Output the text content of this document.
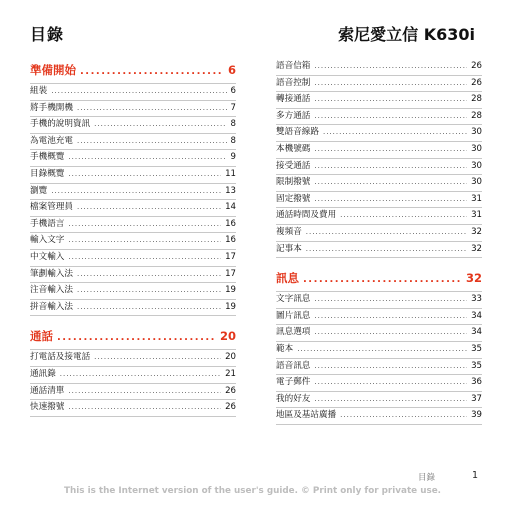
目錄	索尼愛立信 K630i
準備開始 .....	6
組裝 .....	6
將手機開機 .....	7
手機的說明資訊 .....	8
為電池充電 .....	8
手機概覽 .....	9
目錄概覽 .....	11
瀏覽 .....	13
檔案管理員 .....	14
手機語言 .....	16
輸入文字 .....	16
中文輸入 .....	17
筆劃輸入法 .....	17
注音輸入法 .....	19
拼音輸入法 .....	19
通話 .....	20
打電話及接電話 .....	20
通訊錄 .....	21
通話清單 .....	26
快速撥號 .....	26
語音信箱 .....	26
語音控制 .....	26
轉接通話 .....	28
多方通話 .....	28
雙語音線路 .....	30
本機號碼 .....	30
接受通話 .....	30
限制撥號 .....	30
固定撥號 .....	31
通話時間及費用 .....	31
複頻音 .....	32
記事本 .....	32
訊息 .....	32
文字訊息 .....	33
圖片訊息 .....	34
訊息選項 .....	34
範本 .....	35
語音訊息 .....	35
電子郵件 .....	36
我的好友 .....	37
地區及基站廣播 .....	39
目錄	1
This is the Internet version of the user's guide. © Print only for private use.
